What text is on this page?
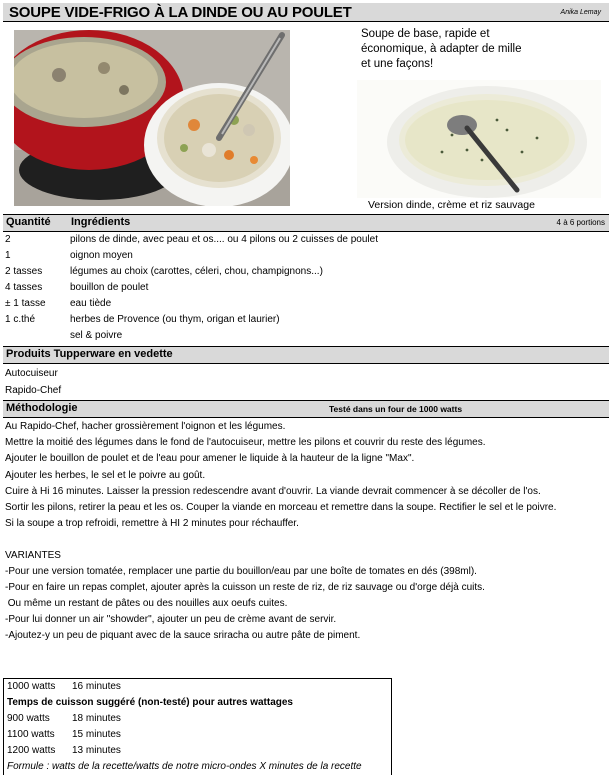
SOUPE VIDE-FRIGO À LA DINDE OU AU POULET	Anika Lemay
Soupe de base, rapide et
économique, à adapter de mille
et une façons!
Version dinde, crème et riz sauvage
Quantité Ingrédients	4 à 6 portions
2	pilons de dinde, avec peau et os.... ou 4 pilons ou 2 cuisses de poulet
1	oignon moyen
2 tasses	légumes au choix (carottes, céleri, chou, champignons...)
4 tasses	bouillon de poulet
± 1 tasse eau tiède
1 c.thé	herbes de Provence (ou thym, origan et laurier)
sel & poivre
Produits Tupperware en vedette
Autocuiseur
Rapido-Chef
Méthodologie	Testé dans un four de 1000 watts
Au Rapido-Chef, hacher grossièrement l'oignon et les légumes.
Mettre la moitié des légumes dans le fond de l'autocuiseur, mettre les pilons et couvrir du reste des légumes.
Ajouter le bouillon de poulet et de l'eau pour amener le liquide à la hauteur de la ligne "Max".
Ajouter les herbes, le sel et le poivre au goût.
Cuire à Hi 16 minutes. Laisser la pression redescendre avant d'ouvrir. La viande devrait commencer à se décoller de l'os.
Sortir les pilons, retirer la peau et les os. Couper la viande en morceau et remettre dans la soupe. Rectifier le sel et le poivre.
Si la soupe a trop refroidi, remettre à HI 2 minutes pour réchauffer.
VARIANTES
-Pour une version tomatée, remplacer une partie du bouillon/eau par une boîte de tomates en dés (398ml).
-Pour en faire un repas complet, ajouter après la cuisson un reste de riz, de riz sauvage ou d'orge déjà cuits.
Ou même un restant de pâtes ou des nouilles aux oeufs cuites.
-Pour lui donner un air "showder", ajouter un peu de crème avant de servir.
-Ajoutez-y un peu de piquant avec de la sauce sriracha ou autre pâte de piment.
1000 watts 16 minutes
Temps de cuisson suggéré (non-testé) pour autres wattages
900 watts 18 minutes
1100 watts 15 minutes
1200 watts 13 minutes
Formule : watts de la recette/watts de notre micro-ondes X minutes de la recette
